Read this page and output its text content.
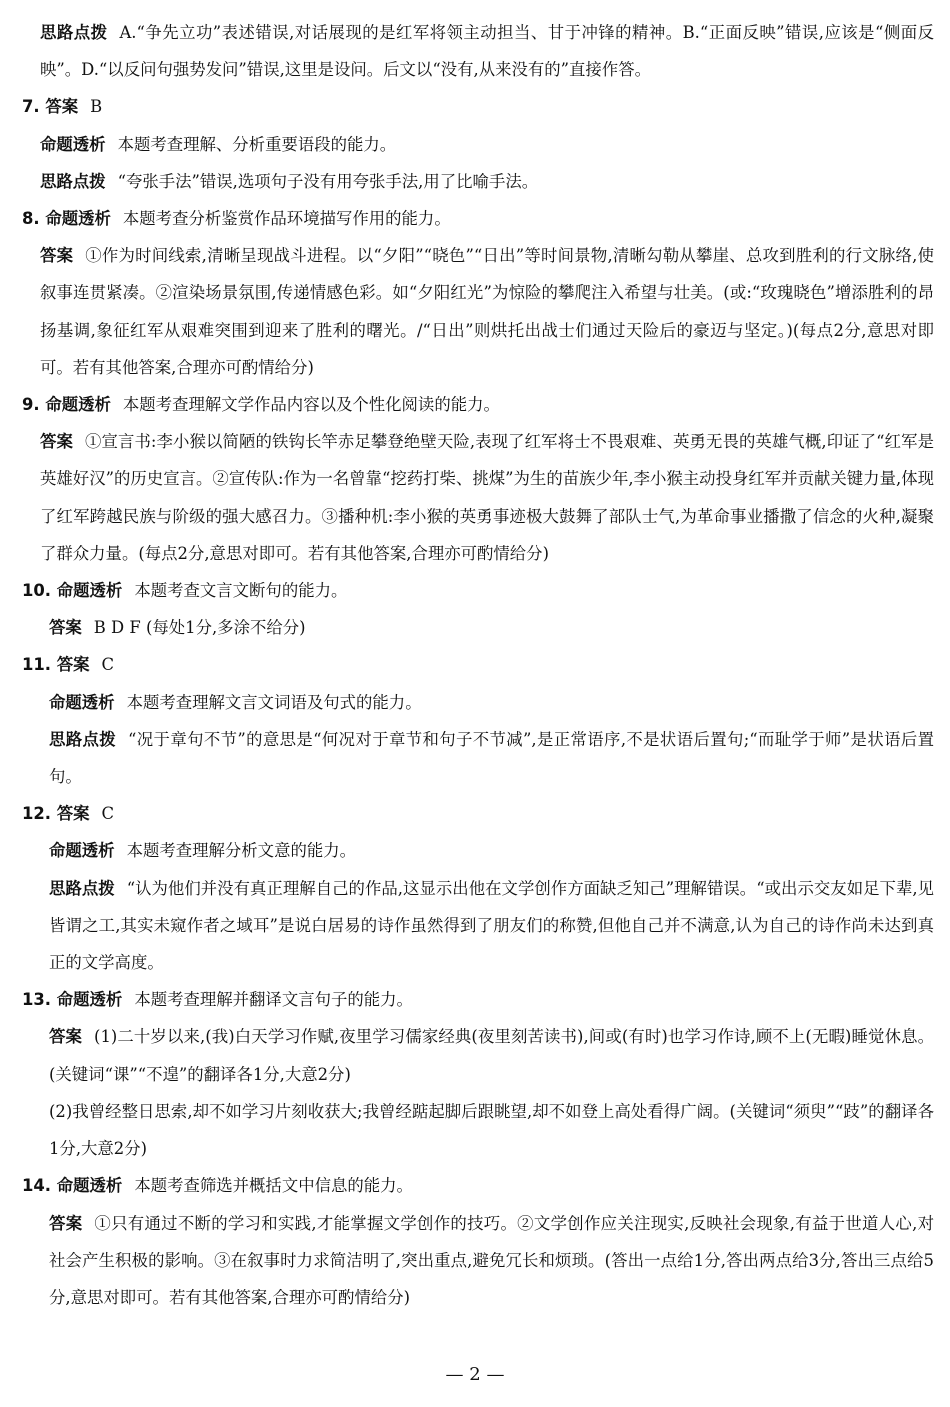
思路点拨 A.“争先立功”表述错误,对话展现的是红军将领主动担当、甘于冲锋的精神。B.“正面反映”错误,应该是“侧面反映”。D.“以反问句强势发问”错误,这里是设问。后文以“没有,从来没有的”直接作答。

7. 答案 B

命题透析 本题考查理解、分析重要语段的能力。

思路点拨 “夸张手法”错误,选项句子没有用夸张手法,用了比喻手法。

8. 命题透析 本题考查分析鉴赏作品环境描写作用的能力。

答案 ①作为时间线索,清晰呈现战斗进程。以“夕阳”“晓色”“日出”等时间景物,清晰勾勒从攀崖、总攻到胜利的行文脉络,使叙事连贯紧凑。②渲染场景氛围,传递情感色彩。如“夕阳红光”为惊险的攀爬注入希望与壮美。(或:“玫瑰晓色”增添胜利的昂扬基调,象征红军从艰难突围到迎来了胜利的曙光。/“日出”则烘托出战士们通过天险后的豪迈与坚定。)(每点2分,意思对即可。若有其他答案,合理亦可酌情给分)

9. 命题透析 本题考查理解文学作品内容以及个性化阅读的能力。

答案 ①宣言书:李小猴以简陋的铁钩长竿赤足攀登绝壁天险,表现了红军将士不畏艰难、英勇无畏的英雄气概,印证了“红军是英雄好汉”的历史宣言。②宣传队:作为一名曾靠“挖药打柴、挑煤”为生的苗族少年,李小猴主动投身红军并贡献关键力量,体现了红军跨越民族与阶级的强大感召力。③播种机:李小猴的英勇事迹极大鼓舞了部队士气,为革命事业播撒了信念的火种,凝聚了群众力量。(每点2分,意思对即可。若有其他答案,合理亦可酌情给分)

10. 命题透析 本题考查文言文断句的能力。

答案 B D F (每处1分,多涂不给分)

11. 答案 C

命题透析 本题考查理解文言文词语及句式的能力。

思路点拨 “况于章句不节”的意思是“何况对于章节和句子不节减”,是正常语序,不是状语后置句;“而耻学于师”是状语后置句。

12. 答案 C

命题透析 本题考查理解分析文意的能力。

思路点拨 “认为他们并没有真正理解自己的作品,这显示出他在文学创作方面缺乏知己”理解错误。“或出示交友如足下辈,见皆谓之工,其实未窥作者之域耳”是说白居易的诗作虽然得到了朋友们的称赞,但他自己并不满意,认为自己的诗作尚未达到真正的文学高度。

13. 命题透析 本题考查理解并翻译文言句子的能力。

答案 (1)二十岁以来,(我)白天学习作赋,夜里学习儒家经典(夜里刻苦读书),间或(有时)也学习作诗,顾不上(无暇)睡觉休息。(关键词“课”“不遑”的翻译各1分,大意2分)

(2)我曾经整日思索,却不如学习片刻收获大;我曾经踮起脚后跟眺望,却不如登上高处看得广阔。(关键词“须臾”“跂”的翻译各1分,大意2分)

14. 命题透析 本题考查筛选并概括文中信息的能力。

答案 ①只有通过不断的学习和实践,才能掌握文学创作的技巧。②文学创作应关注现实,反映社会现象,有益于世道人心,对社会产生积极的影响。③在叙事时力求简洁明了,突出重点,避免冗长和烦琐。(答出一点给1分,答出两点给3分,答出三点给5分,意思对即可。若有其他答案,合理亦可酌情给分)

— 2 —
